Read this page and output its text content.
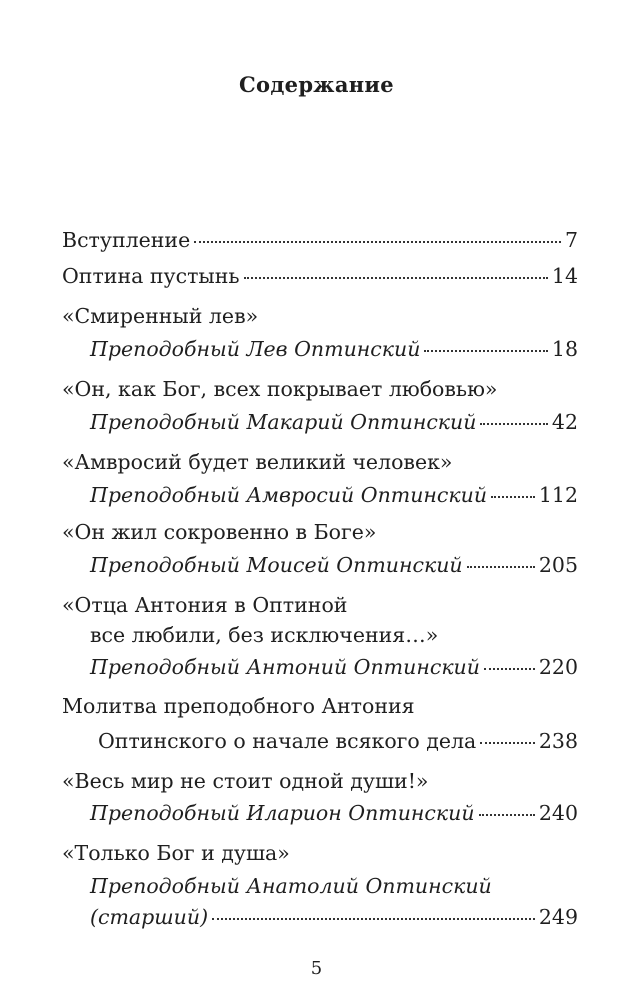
Содержание
Вступление	7
Оптина пустынь	14
«Смиренный лев»
Преподобный Лев Оптинский	18
«Он, как Бог, всех покрывает любовью»
Преподобный Макарий Оптинский	42
«Амвросий будет великий человек»
Преподобный Амвросий Оптинский	112
«Он жил сокровенно в Боге»
Преподобный Моисей Оптинский	205
«Отца Антония в Оптиной
все любили, без исключения…»
Преподобный Антоний Оптинский	220
Молитва преподобного Антония
Оптинского о начале всякого дела	238
«Весь мир не стоит одной души!»
Преподобный Иларион Оптинский	240
«Только Бог и душа»
Преподобный Анатолий Оптинский
(старший)	249
5
